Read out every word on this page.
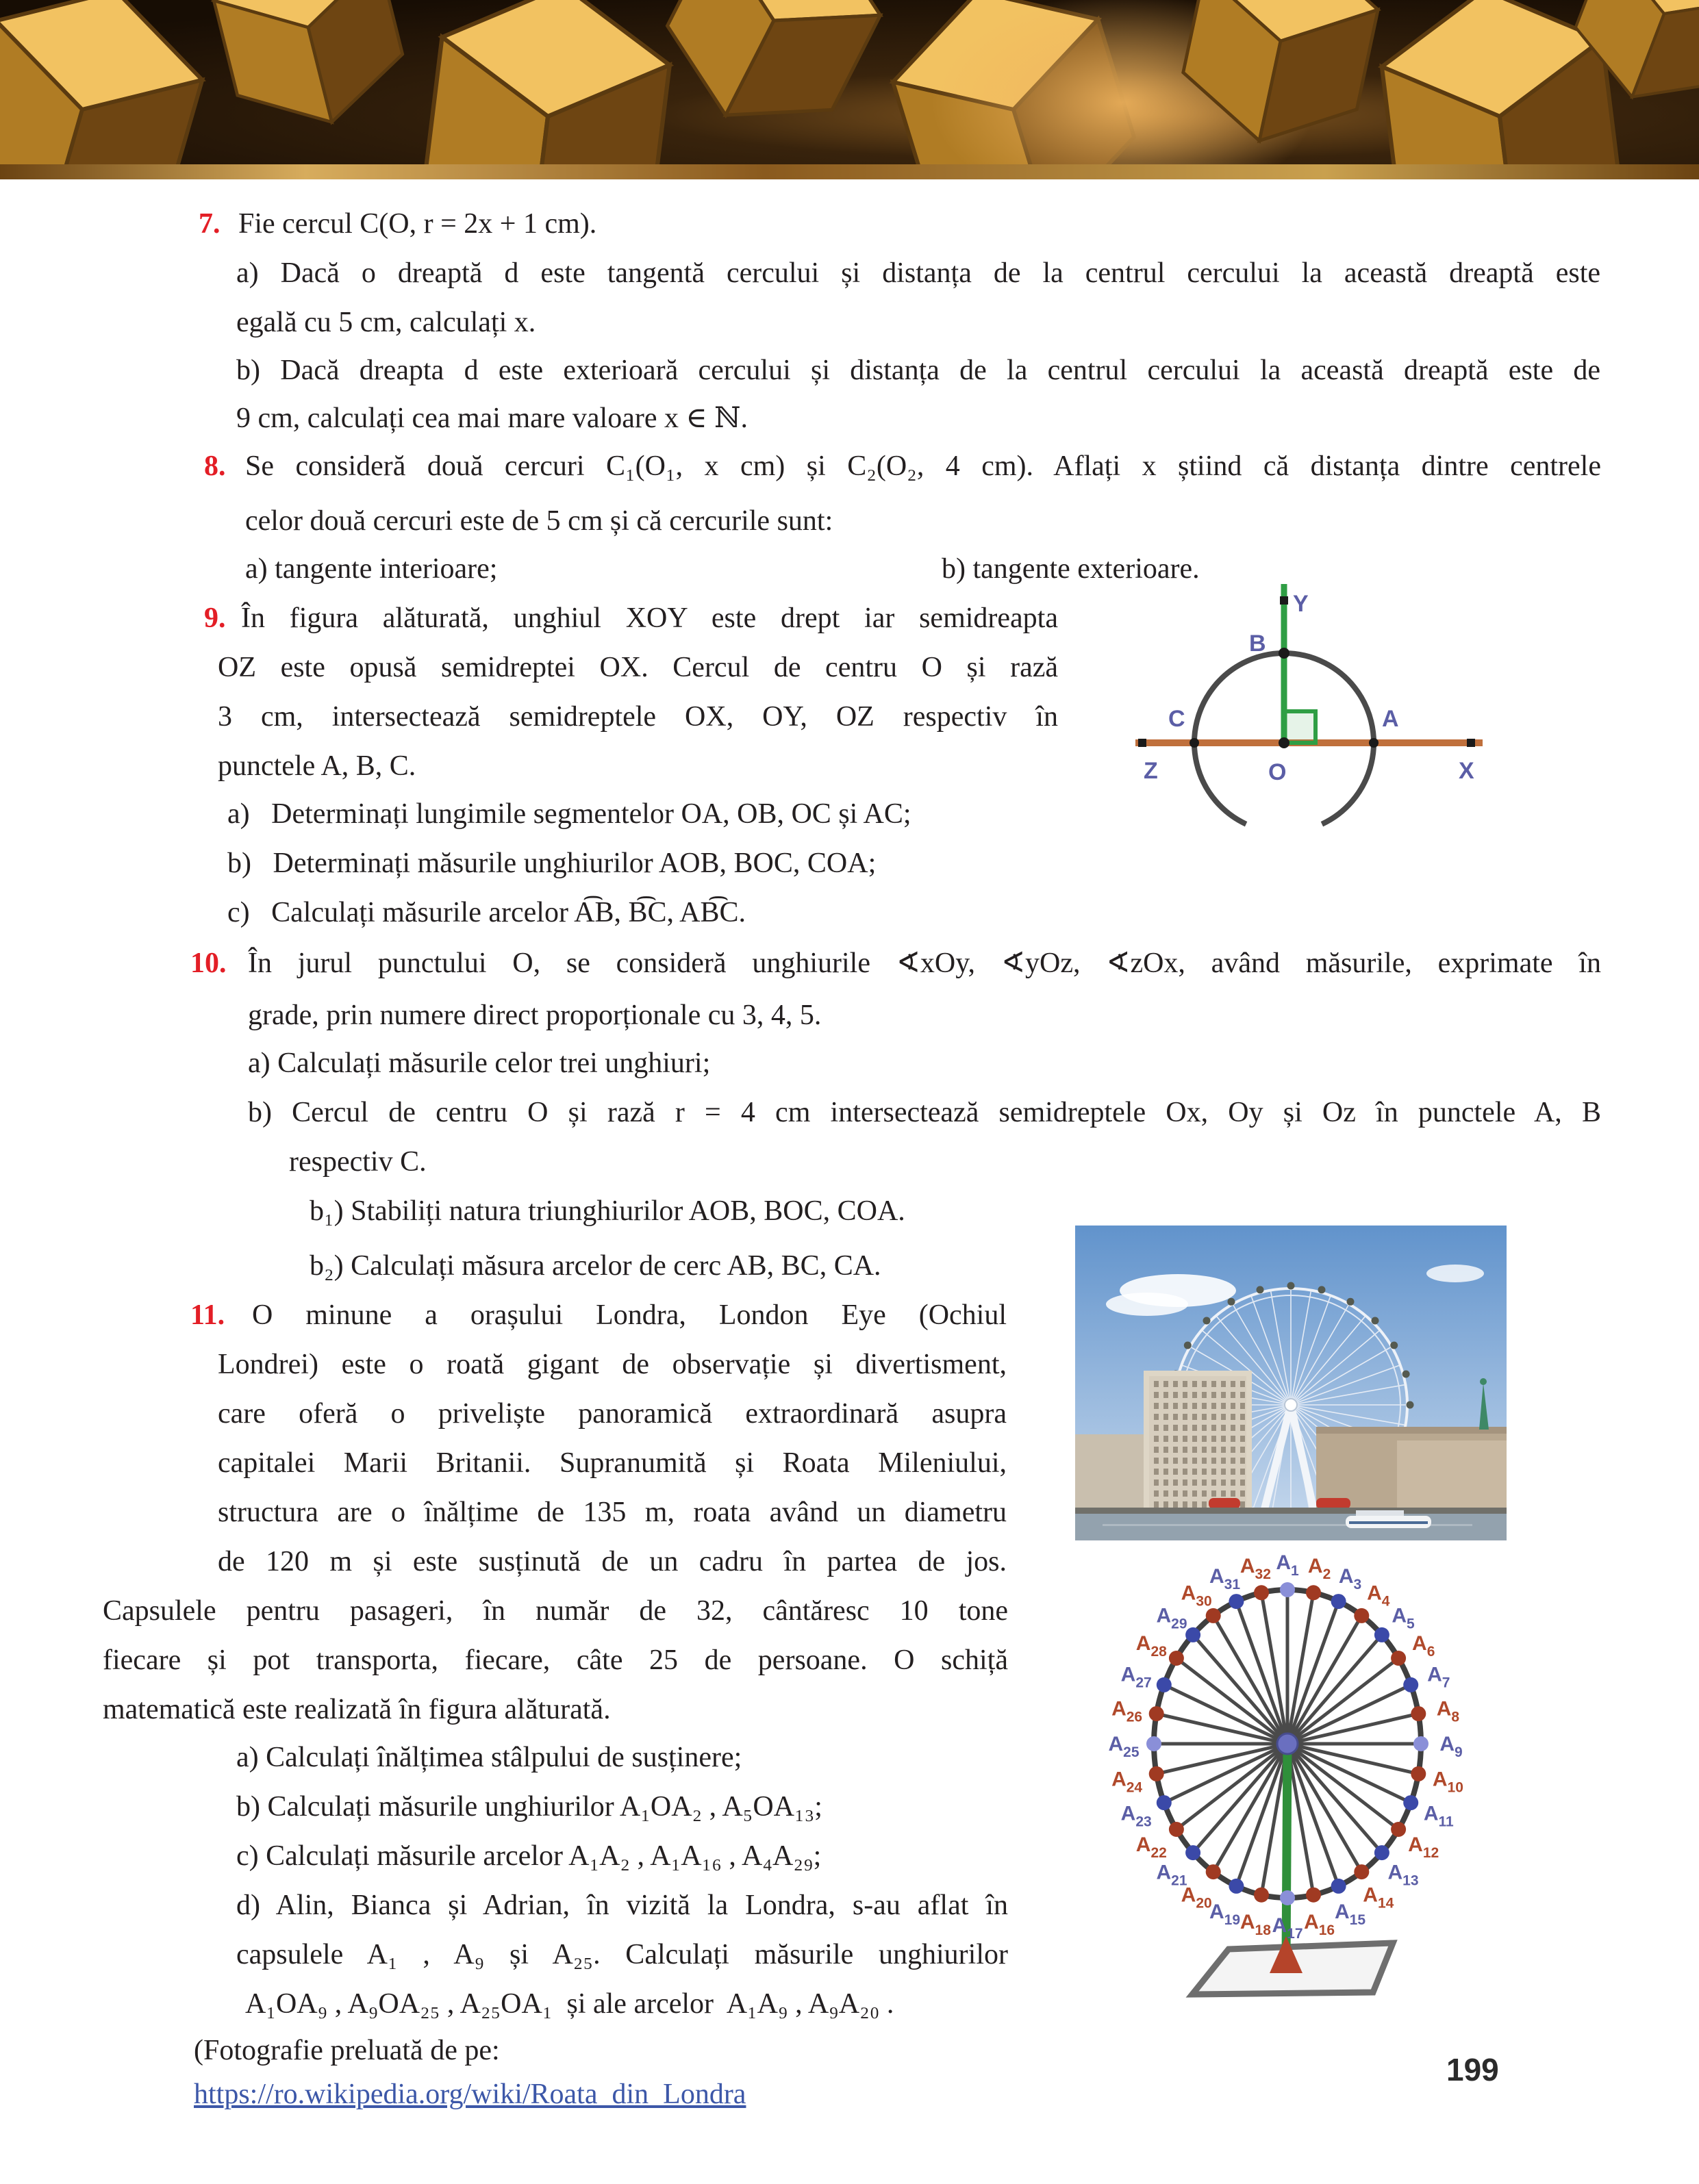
7. Fie cercul C(O, r = 2x + 1 cm).
a) Dacă o dreaptă d este tangentă cercului și distanța de la centrul cercului la această dreaptă este
egală cu 5 cm, calculați x.
b) Dacă dreapta d este exterioară cercului și distanța de la centrul cercului la această dreaptă este de
9 cm, calculați cea mai mare valoare x ∈ ℕ.
8. Se consideră două cercuri C₁(O₁, x cm) și C₂(O₂, 4 cm). Aflați x știind că distanța dintre centrele
celor două cercuri este de 5 cm și că cercurile sunt:
a) tangente interioare;	b) tangente exterioare.
9. În figura alăturată, unghiul XOY este drept iar semidreapta
OZ este opusă semidreptei OX. Cercul de centru O și rază
3 cm, intersectează semidreptele OX, OY, OZ respectiv în
punctele A, B, C.
a)   Determinați lungimile segmentelor OA, OB, OC și AC;
b)   Determinați măsurile unghiurilor AOB, BOC, COA;
c)   Calculați măsurile arcelor A͡B, B͡C, AB͡C.
Y
B
C	A
Z	O	X
10. În jurul punctului O, se consideră unghiurile ∢xOy, ∢yOz, ∢zOx, având măsurile, exprimate în
grade, prin numere direct proporționale cu 3, 4, 5.
a) Calculați măsurile celor trei unghiuri;
b) Cercul de centru O și rază r = 4 cm intersectează semidreptele Ox, Oy și Oz în punctele A, B
respectiv C.
b₁) Stabiliți natura triunghiurilor AOB, BOC, COA.
b₂) Calculați măsura arcelor de cerc AB, BC, CA.
11. O minune a orașului Londra, London Eye (Ochiul
Londrei) este o roată gigant de observație și divertisment,
care oferă o priveliște panoramică extraordinară asupra
capitalei Marii Britanii. Supranumită și Roata Mileniului,
structura are o înălțime de 135 m, roata având un diametru
de 120 m și este susținută de un cadru în partea de jos.
Capsulele pentru pasageri, în număr de 32, cântăresc 10 tone
fiecare și pot transporta, fiecare, câte 25 de persoane. O schiță
matematică este realizată în figura alăturată.
a) Calculați înălțimea stâlpului de susținere;
b) Calculați măsurile unghiurilor A₁OA₂ , A₅OA₁₃;
c) Calculați măsurile arcelor A₁A₂ , A₁A₁₆ , A₄A₂₉;
d) Alin, Bianca și Adrian, în vizită la Londra, s-au aflat în
capsulele A₁ , A₉ și A₂₅. Calculați măsurile unghiurilor
A₁OA₉ , A₉OA₂₅ , A₂₅OA₁  și ale arcelor  A₁A₉ , A₉A₂₀ .
(Fotografie preluată de pe:
https://ro.wikipedia.org/wiki/Roata_din_Londra
$A_1$ $A_2$ $A_3$ $A_4$
$A_5$
$A_6$
$A_7$
$A_8$
$A_9$
$A_{10}$
$A_{11}$
$A_{12}$
$A_{13}$
$A_{14}$
$A_{15}$
$A_{16}$
$A_{17}$
$A_{18}$
$A_{19}$
$A_{20}$
$A_{21}$
$A_{22}$
$A_{23}$
$A_{24}$
$A_{25}$
$A_{26}$
$A_{27}$
$A_{28}$
$A_{29}$
$A_{30}$
$A_{31}$
$A_{32}$
199
